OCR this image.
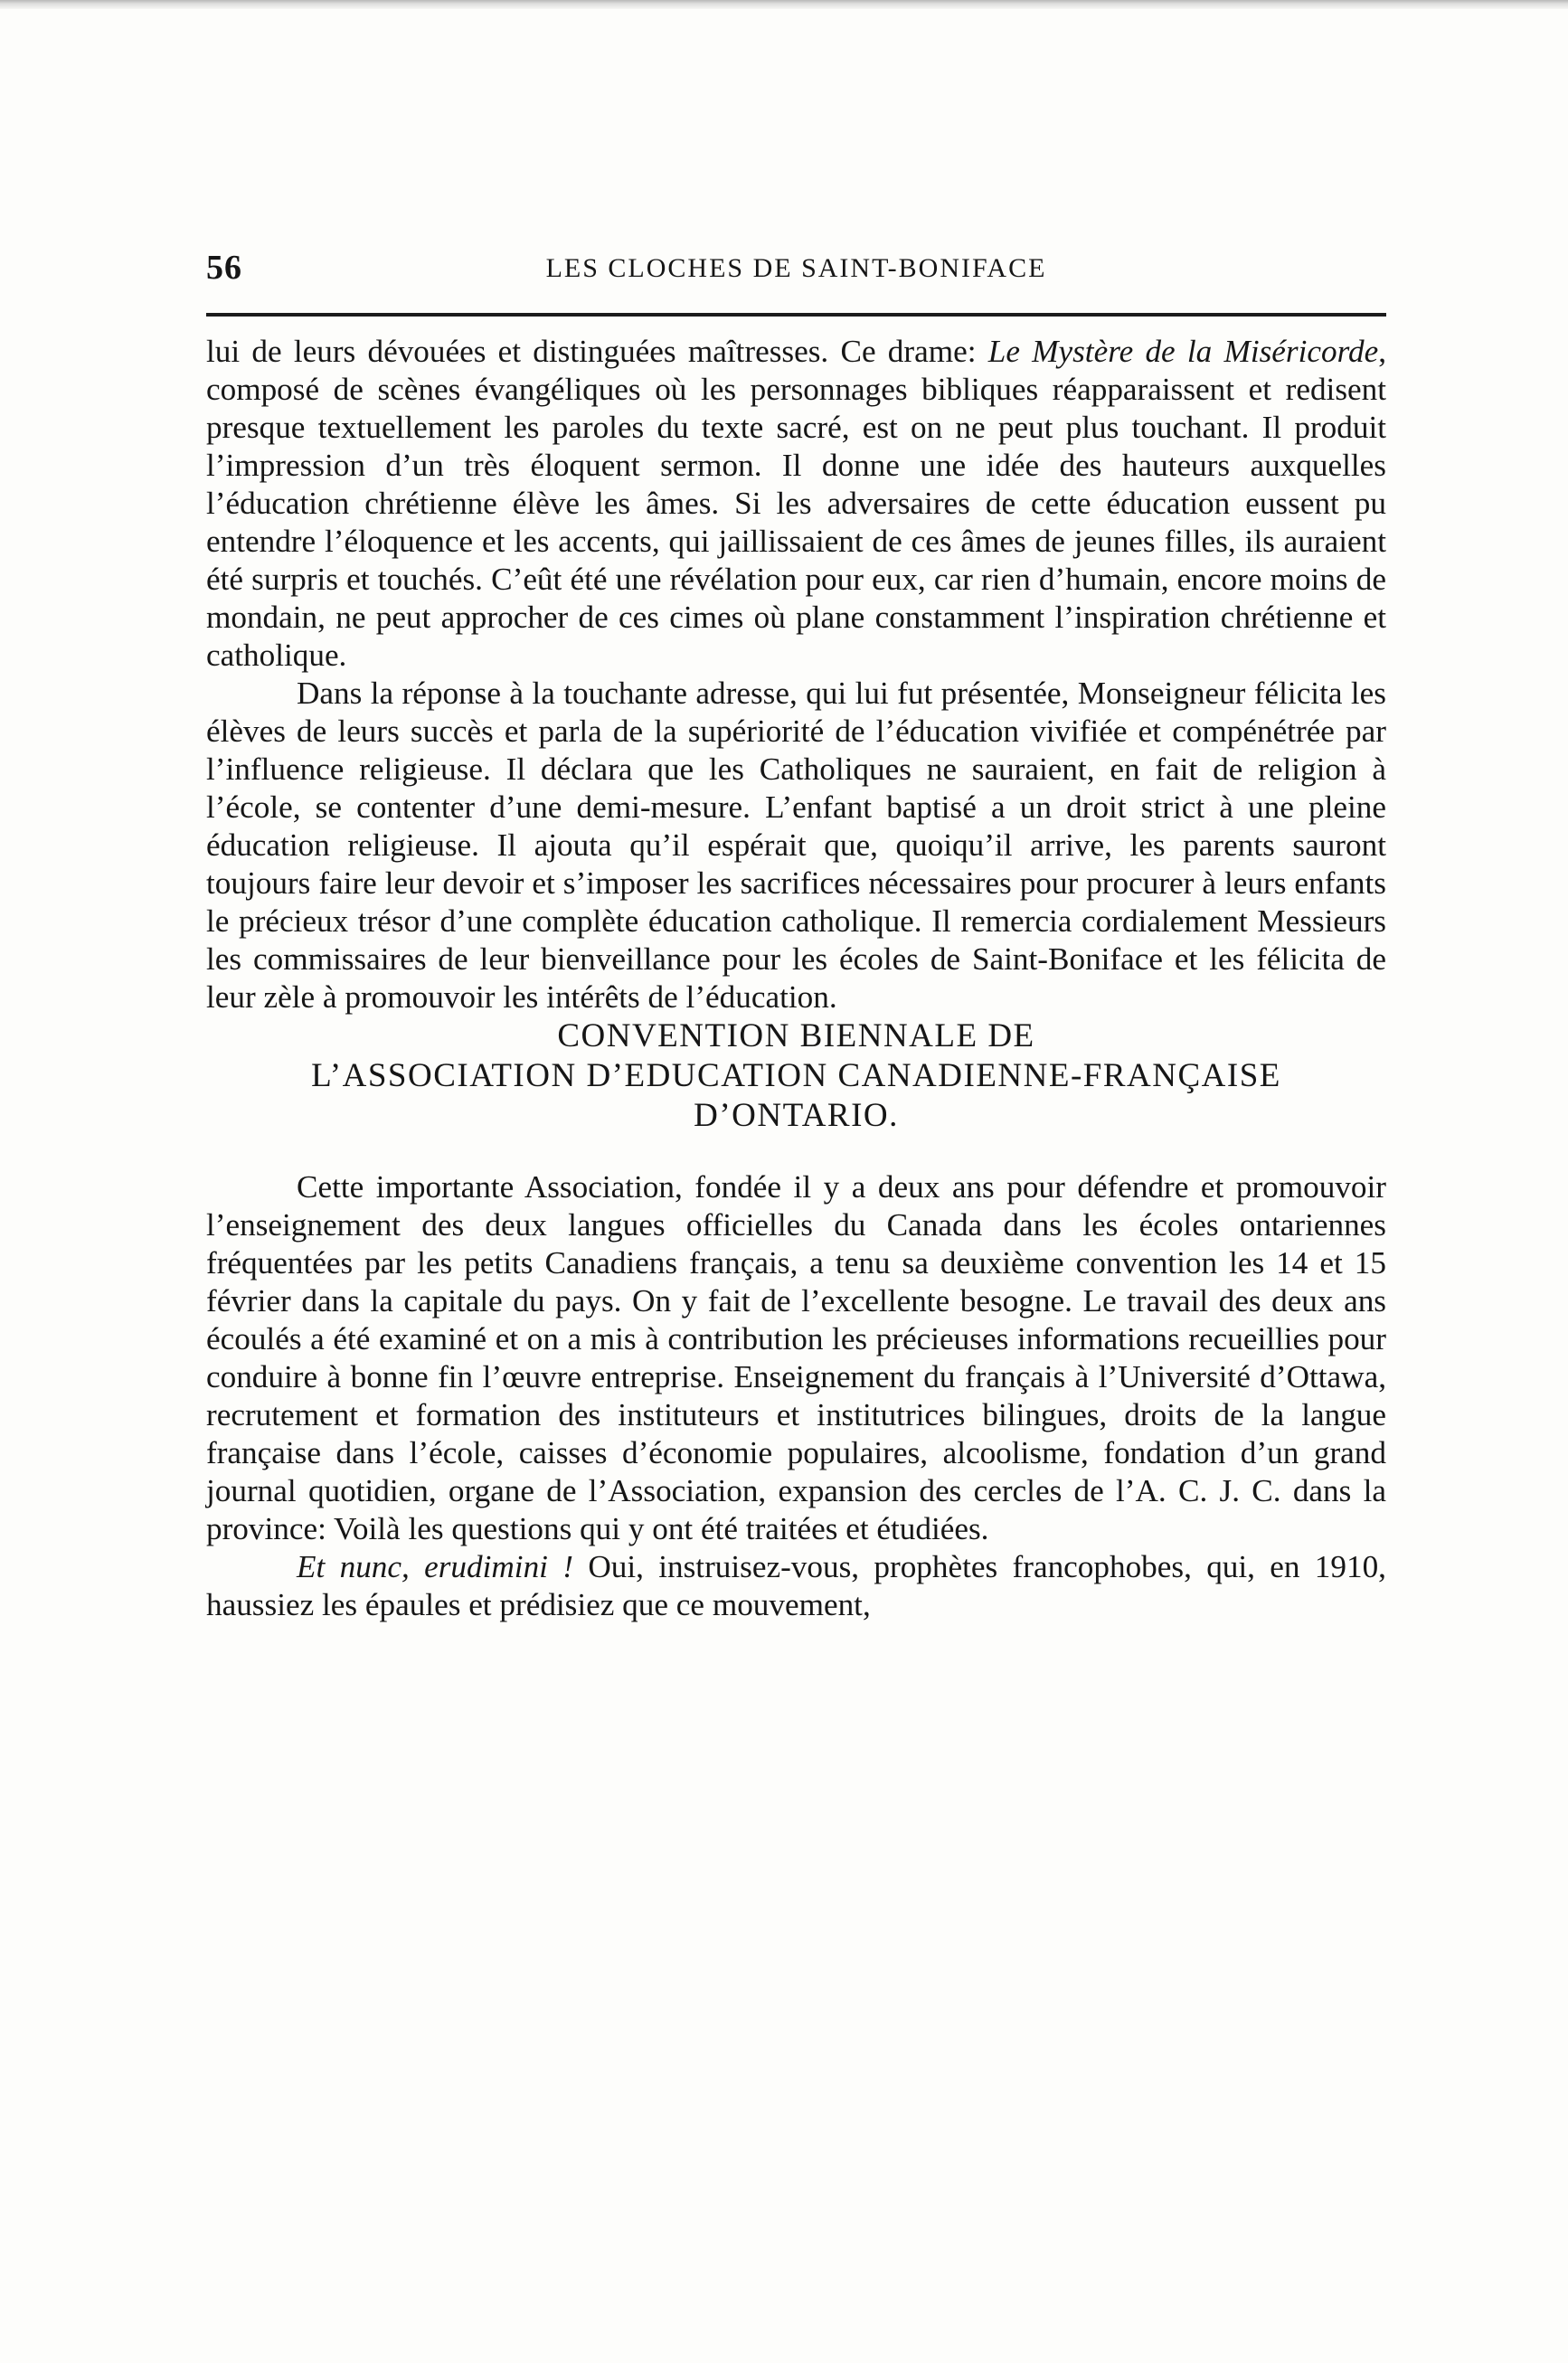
56	LES CLOCHES DE SAINT-BONIFACE

lui de leurs dévouées et distinguées maîtresses. Ce drame: Le Mystère de la Miséricorde, composé de scènes évangéliques où les personnages bibliques réapparaissent et redisent presque textuellement les paroles du texte sacré, est on ne peut plus touchant. Il produit l’impression d’un très éloquent sermon. Il donne une idée des hauteurs auxquelles l’éducation chrétienne élève les âmes. Si les adversaires de cette éducation eussent pu entendre l’éloquence et les accents, qui jaillissaient de ces âmes de jeunes filles, ils auraient été surpris et touchés. C’eût été une révélation pour eux, car rien d’humain, encore moins de mondain, ne peut approcher de ces cimes où plane constamment l’inspiration chrétienne et catholique.

Dans la réponse à la touchante adresse, qui lui fut présentée, Monseigneur félicita les élèves de leurs succès et parla de la supériorité de l’éducation vivifiée et compénétrée par l’influence religieuse. Il déclara que les Catholiques ne sauraient, en fait de religion à l’école, se contenter d’une demi-mesure. L’enfant baptisé a un droit strict à une pleine éducation religieuse. Il ajouta qu’il espérait que, quoiqu’il arrive, les parents sauront toujours faire leur devoir et s’imposer les sacrifices nécessaires pour procurer à leurs enfants le précieux trésor d’une complète éducation catholique. Il remercia cordialement Messieurs les commissaires de leur bienveillance pour les écoles de Saint-Boniface et les félicita de leur zèle à promouvoir les intérêts de l’éducation.

CONVENTION BIENNALE DE

L’ASSOCIATION D’EDUCATION CANADIENNE-FRANÇAISE

D’ONTARIO.

Cette importante Association, fondée il y a deux ans pour défendre et promouvoir l’enseignement des deux langues officielles du Canada dans les écoles ontariennes fréquentées par les petits Canadiens français, a tenu sa deuxième convention les 14 et 15 février dans la capitale du pays. On y fait de l’excellente besogne. Le travail des deux ans écoulés a été examiné et on a mis à contribution les précieuses informations recueillies pour conduire à bonne fin l’œuvre entreprise. Enseignement du français à l’Université d’Ottawa, recrutement et formation des instituteurs et institutrices bilingues, droits de la langue française dans l’école, caisses d’économie populaires, alcoolisme, fondation d’un grand journal quotidien, organe de l’Association, expansion des cercles de l’A. C. J. C. dans la province: Voilà les questions qui y ont été traitées et étudiées.

Et nunc, erudimini ! Oui, instruisez-vous, prophètes francophobes, qui, en 1910, haussiez les épaules et prédisiez que ce mouvement,
